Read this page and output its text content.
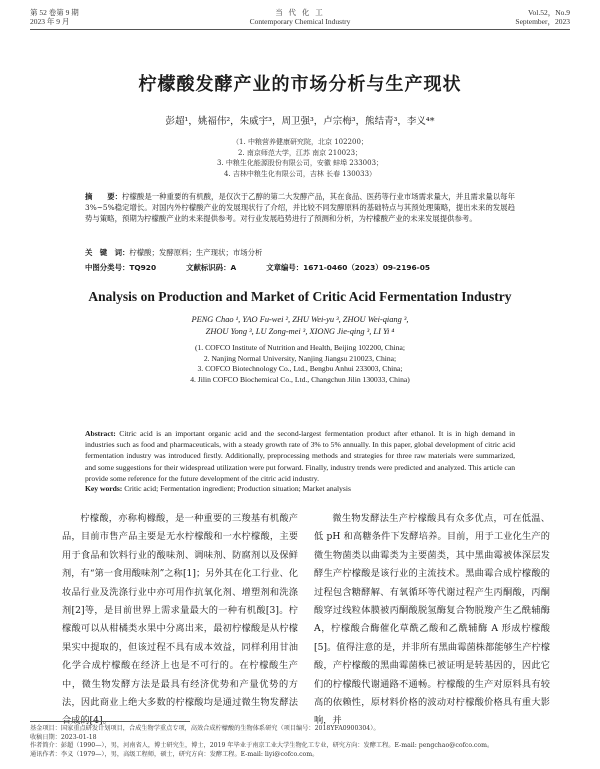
第 52 卷第 9 期
2023 年 9 月
当 代 化 工
Contemporary Chemical Industry
Vol.52，No.9
September，2023
柠檬酸发酵产业的市场分析与生产现状
彭超¹，姚福伟²，朱威宇³，周卫强³，卢宗梅³，熊结青³，李义⁴*
（1. 中粮营养健康研究院，北京 102200；
2. 南京师范大学，江苏 南京 210023；
3. 中粮生化能源股份有限公司，安徽 蚌埠 233003；
4. 吉林中粮生化有限公司，吉林 长春 130033）
摘　　要：柠檬酸是一种重要的有机酸，是仅次于乙醇的第二大发酵产品，其在食品、医药等行业市场需求量大，并且需求量以每年 3%~5%稳定增长。对国内外柠檬酸产业的发展现状行了介绍，并比较不同发酵原料的基础特点与其预处理策略，提出未来的发展趋势与策略，预期为柠檬酸产业的未来提供参考。对行业发展趋势进行了预测和分析，为柠檬酸产业的未来发展提供参考。
关　键　词：柠檬酸；发酵原料；生产现状；市场分析
中图分类号：TQ920	文献标识码：A	文章编号：1671-0460（2023）09-2196-05
Analysis on Production and Market of Critic Acid Fermentation Industry
PENG Chao ¹, YAO Fu-wei ², ZHU Wei-yu ³, ZHOU Wei-qiang ³,
ZHOU Yong ³, LU Zong-mei ³, XIONG Jie-qing ³, LI Yi ⁴
(1. COFCO Institute of Nutrition and Health, Beijing 102200, China;
2. Nanjing Normal University, Nanjing Jiangsu 210023, China;
3. COFCO Biotechnology Co., Ltd., Bengbu Anhui 233003, China;
4. Jilin COFCO Biochemical Co., Ltd., Changchun Jilin 130033, China)
Abstract: Citric acid is an important organic acid and the second-largest fermentation product after ethanol. It is in high demand in industries such as food and pharmaceuticals, with a steady growth rate of 3% to 5% annually. In this paper, global development of citric acid fermentation industry was introduced firstly. Additionally, preprocessing methods and strategies for three raw materials were summarized, and some suggestions for their widespread utilization were put forward. Finally, industry trends were predicted and analyzed. This article can provide some reference for the future development of the citric acid industry.
Key words: Critic acid; Fermentation ingredient; Production situation; Market analysis
柠檬酸，亦称枸橼酸，是一种重要的三羧基有机酸产品，目前市售产品主要是无水柠檬酸和一水柠檬酸，主要用于食品和饮料行业的酸味剂、调味剂、防腐剂以及保鲜剂，有“第一食用酸味剂”之称[1]；另外其在化工行业、化妆品行业及洗涤行业中亦可用作抗氧化剂、增塑剂和洗涤剂[2]等，是目前世界上需求量最大的一种有机酸[3]。柠檬酸可以从柑橘类水果中分离出来，最初柠檬酸是从柠檬果实中提取的，但该过程不具有成本效益，同样利用甘油化学合成柠檬酸在经济上也是不可行的。在柠檬酸生产中，微生物发酵方法是最具有经济优势和产量优势的方法，因此商业上绝大多数的柠檬酸均是通过微生物发酵法合成的[4]。
微生物发酵法生产柠檬酸具有众多优点，可在低温、低 pH 和高糖条件下发酵培养。目前，用于工业化生产的微生物菌类以曲霉类为主要菌类，其中黑曲霉被体深层发酵生产柠檬酸是该行业的主流技术。黑曲霉合成柠檬酸的过程包含糖酵解、有氧循环等代谢过程产生丙酮酸，丙酮酸穿过线粒体膜被丙酮酸脱氢酶复合物脱羧产生乙酰辅酶 A，柠檬酸合酶催化草酰乙酸和乙酰辅酶 A 形成柠檬酸[5]。值得注意的是，并非所有黑曲霉菌株都能够生产柠檬酸，产柠檬酸的黑曲霉菌株已被证明是转基因的，因此它们的柠檬酸代谢通路不通畅。柠檬酸的生产对原料具有较高的依赖性，原材料价格的波动对柠檬酸价格具有重大影响，并
基金项目：国家重点研发计划项目，合成生物学重点专项，高效合成柠檬酸的生物体系研究（项目编号：2018YFA0900304）。
收稿日期：2023-01-18
作者简介：彭超（1990—），男，河南省人，博士研究生，博士，2019 年毕业于南京工业大学生物化工专业，研究方向：发酵工程。E-mail: pengchao@cofco.com。
通讯作者：李义（1979—），男，高级工程师，硕士，研究方向：发酵工程。E-mail: liyi@cofco.com。
